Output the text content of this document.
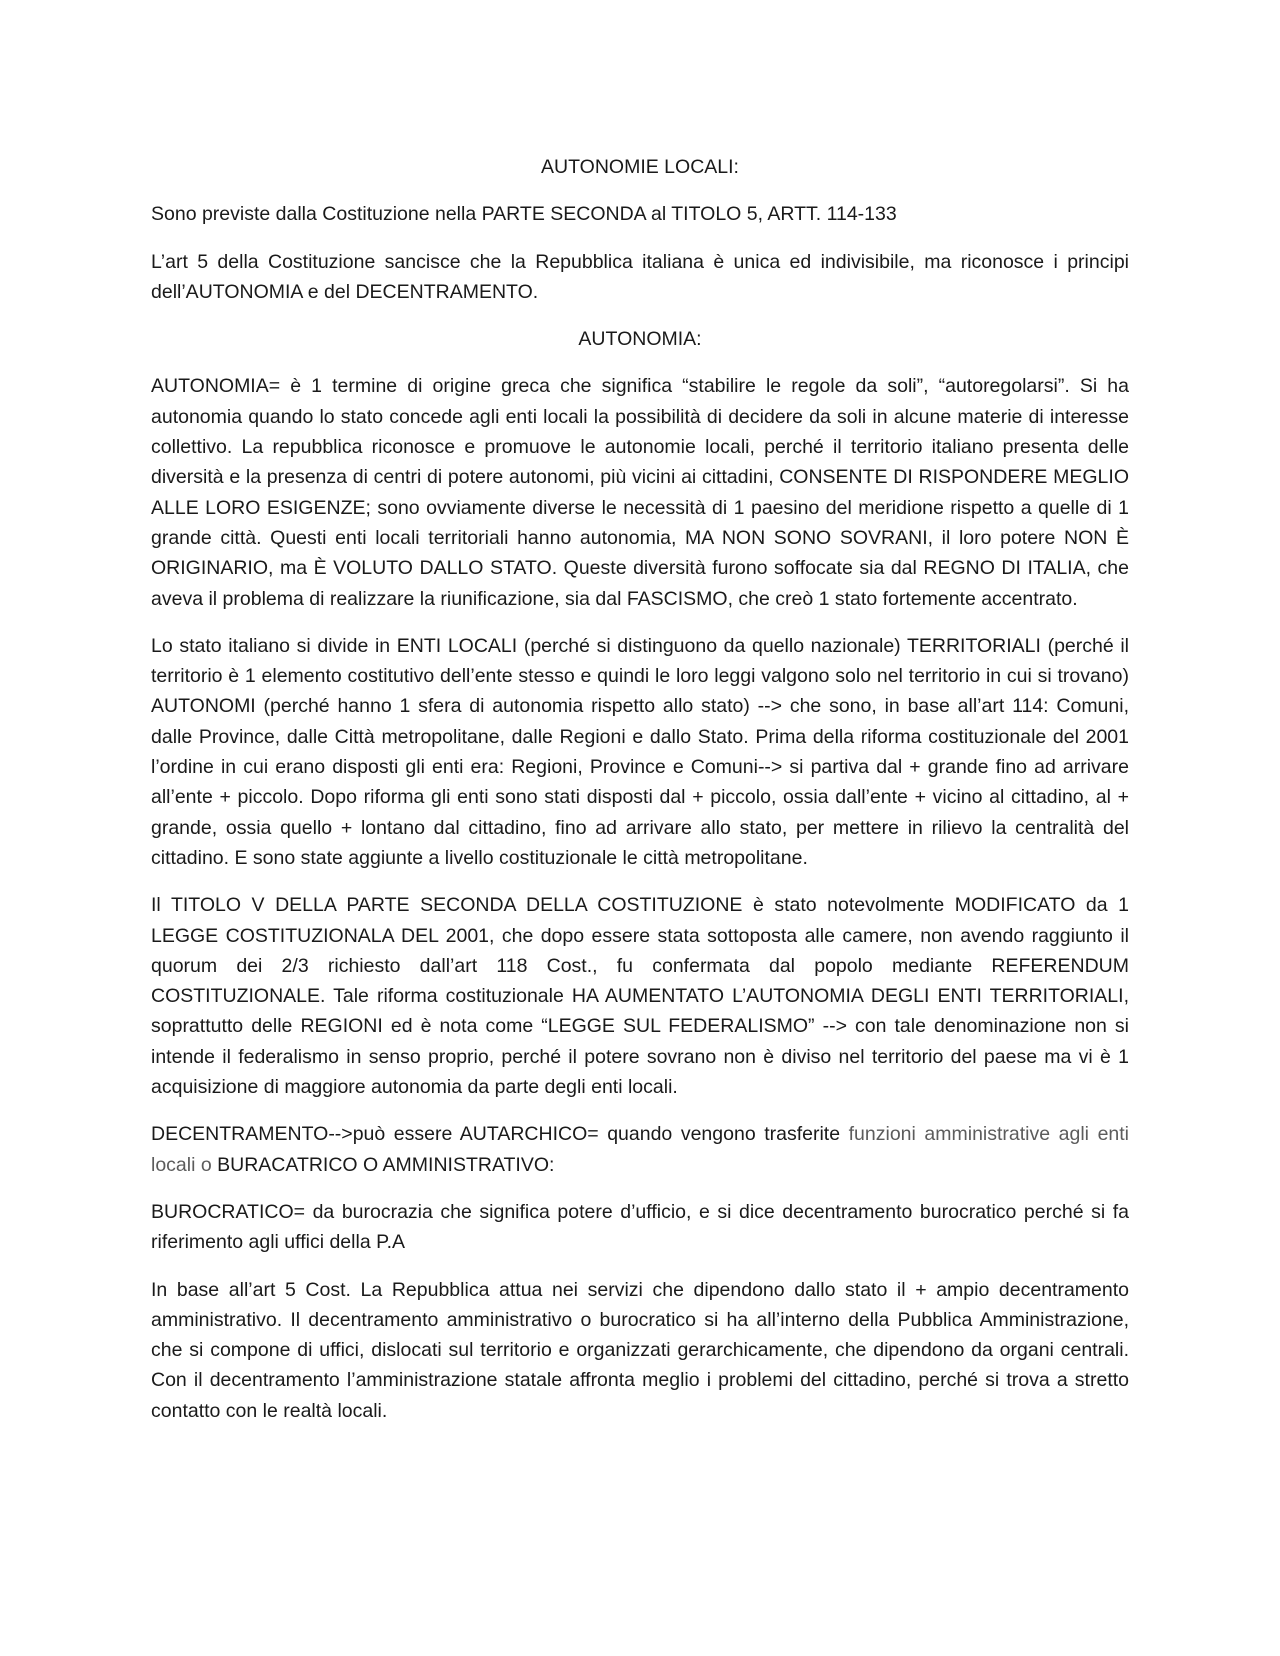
AUTONOMIE LOCALI:

Sono previste dalla Costituzione nella PARTE SECONDA al TITOLO 5, ARTT. 114-133

L’art 5 della Costituzione sancisce che la Repubblica italiana è unica ed indivisibile, ma riconosce i principi dell’AUTONOMIA e del DECENTRAMENTO.

AUTONOMIA:

AUTONOMIA= è 1 termine di origine greca che significa “stabilire le regole da soli”, “autoregolarsi”. Si ha autonomia quando lo stato concede agli enti locali la possibilità di decidere da soli in alcune materie di interesse collettivo. La repubblica riconosce e promuove le autonomie locali, perché il territorio italiano presenta delle diversità e la presenza di centri di potere autonomi, più vicini ai cittadini, CONSENTE DI RISPONDERE MEGLIO ALLE LORO ESIGENZE; sono ovviamente diverse le necessità di 1 paesino del meridione rispetto a quelle di 1 grande città. Questi enti locali territoriali hanno autonomia, MA NON SONO SOVRANI, il loro potere NON È ORIGINARIO, ma È VOLUTO DALLO STATO. Queste diversità furono soffocate sia dal REGNO DI ITALIA, che aveva il problema di realizzare la riunificazione, sia dal FASCISMO, che creò 1 stato fortemente accentrato.

Lo stato italiano si divide in ENTI LOCALI (perché si distinguono da quello nazionale) TERRITORIALI (perché il territorio è 1 elemento costitutivo dell’ente stesso e quindi le loro leggi valgono solo nel territorio in cui si trovano) AUTONOMI (perché hanno 1 sfera di autonomia rispetto allo stato) --> che sono, in base all’art 114: Comuni, dalle Province, dalle Città metropolitane, dalle Regioni e dallo Stato. Prima della riforma costituzionale del 2001 l’ordine in cui erano disposti gli enti era: Regioni, Province e Comuni--> si partiva dal + grande fino ad arrivare all’ente + piccolo. Dopo riforma gli enti sono stati disposti dal + piccolo, ossia dall’ente + vicino al cittadino, al + grande, ossia quello + lontano dal cittadino, fino ad arrivare allo stato, per mettere in rilievo la centralità del cittadino. E sono state aggiunte a livello costituzionale le città metropolitane.

Il TITOLO V DELLA PARTE SECONDA DELLA COSTITUZIONE è stato notevolmente MODIFICATO da 1 LEGGE COSTITUZIONALA DEL 2001, che dopo essere stata sottoposta alle camere, non avendo raggiunto il quorum dei 2/3 richiesto dall’art 118 Cost., fu confermata dal popolo mediante REFERENDUM COSTITUZIONALE. Tale riforma costituzionale HA AUMENTATO L’AUTONOMIA DEGLI ENTI TERRITORIALI, soprattutto delle REGIONI ed è nota come “LEGGE SUL FEDERALISMO” --> con tale denominazione non si intende il federalismo in senso proprio, perché il potere sovrano non è diviso nel territorio del paese ma vi è 1 acquisizione di maggiore autonomia da parte degli enti locali.

DECENTRAMENTO-->può essere AUTARCHICO= quando vengono trasferite funzioni amministrative agli enti locali o BURACATRICO O AMMINISTRATIVO:

BUROCRATICO= da burocrazia che significa potere d’ufficio, e si dice decentramento burocratico perché si fa riferimento agli uffici della P.A

In base all’art 5 Cost. La Repubblica attua nei servizi che dipendono dallo stato il + ampio decentramento amministrativo. Il decentramento amministrativo o burocratico si ha all’interno della Pubblica Amministrazione, che si compone di uffici, dislocati sul territorio e organizzati gerarchicamente, che dipendono da organi centrali. Con il decentramento l’amministrazione statale affronta meglio i problemi del cittadino, perché si trova a stretto contatto con le realtà locali.
